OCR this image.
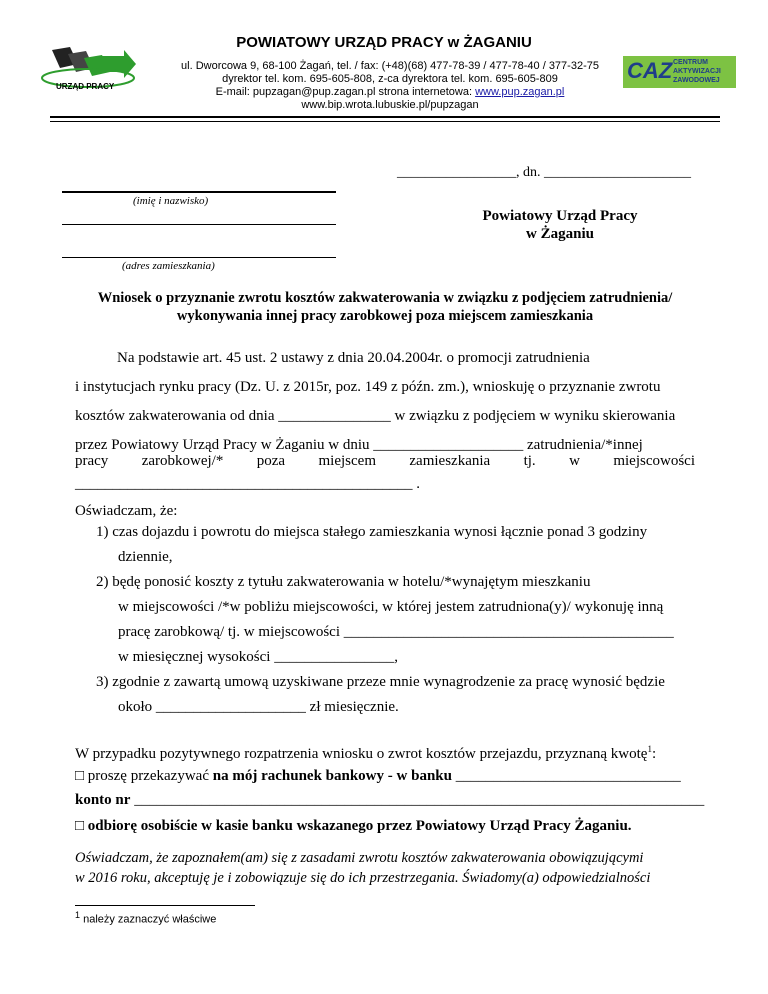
URZĄD PRACY
CAZ CENTRUM
AKTYWIZACJI
ZAWODOWEJ
POWIATOWY URZĄD PRACY w ŻAGANIU
ul. Dworcowa 9, 68-100 Żagań, tel. / fax: (+48)(68) 477-78-39 / 477-78-40 / 377-32-75
dyrektor tel. kom. 695-605-808, z-ca dyrektora tel. kom. 695-605-809
E-mail: pupzagan@pup.zagan.pl strona internetowa: www.pup.zagan.pl
www.bip.wrota.lubuskie.pl/pupzagan
_________________, dn. _____________________
(imię i nazwisko)
(adres zamieszkania)
Powiatowy Urząd Pracy
w Żaganiu
Wniosek o przyznanie zwrotu kosztów zakwaterowania w związku z podjęciem zatrudnienia/
wykonywania innej pracy zarobkowej poza miejscem zamieszkania
Na podstawie art. 45 ust. 2 ustawy z dnia 20.04.2004r. o promocji zatrudnienia
i instytucjach rynku pracy (Dz. U. z 2015r, poz. 149 z późn. zm.), wnioskuję o przyznanie zwrotu
kosztów zakwaterowania od dnia _______________ w związku z podjęciem w wyniku skierowania
przez Powiatowy Urząd Pracy w Żaganiu w dniu ____________________ zatrudnienia/*innej
pracy zarobkowej/* poza miejscem zamieszkania tj. w miejscowości
_____________________________________________ .
Oświadczam, że:
1) czas dojazdu i powrotu do miejsca stałego zamieszkania wynosi łącznie ponad 3 godziny
dziennie,
2) będę ponosić koszty z tytułu zakwaterowania w hotelu/*wynajętym mieszkaniu
w miejscowości /*w pobliżu miejscowości, w której jestem zatrudniona(y)/ wykonuję inną
pracę zarobkową/ tj. w miejscowości ____________________________________________
w miesięcznej wysokości ________________,
3) zgodnie z zawartą umową uzyskiwane przeze mnie wynagrodzenie za pracę wynosić będzie
około ____________________ zł miesięcznie.
W przypadku pozytywnego rozpatrzenia wniosku o zwrot kosztów przejazdu, przyznaną kwotę$^1$:
□ proszę przekazywać na mój rachunek bankowy - w banku ______________________________
konto nr ____________________________________________________________________________
□ odbiorę osobiście w kasie banku wskazanego przez Powiatowy Urząd Pracy Żaganiu.
Oświadczam, że zapoznałem(am) się z zasadami zwrotu kosztów zakwaterowania obowiązującymi
w 2016 roku, akceptuję je i zobowiązuje się do ich przestrzegania. Świadomy(a) odpowiedzialności
$^1$ należy zaznaczyć właściwe
